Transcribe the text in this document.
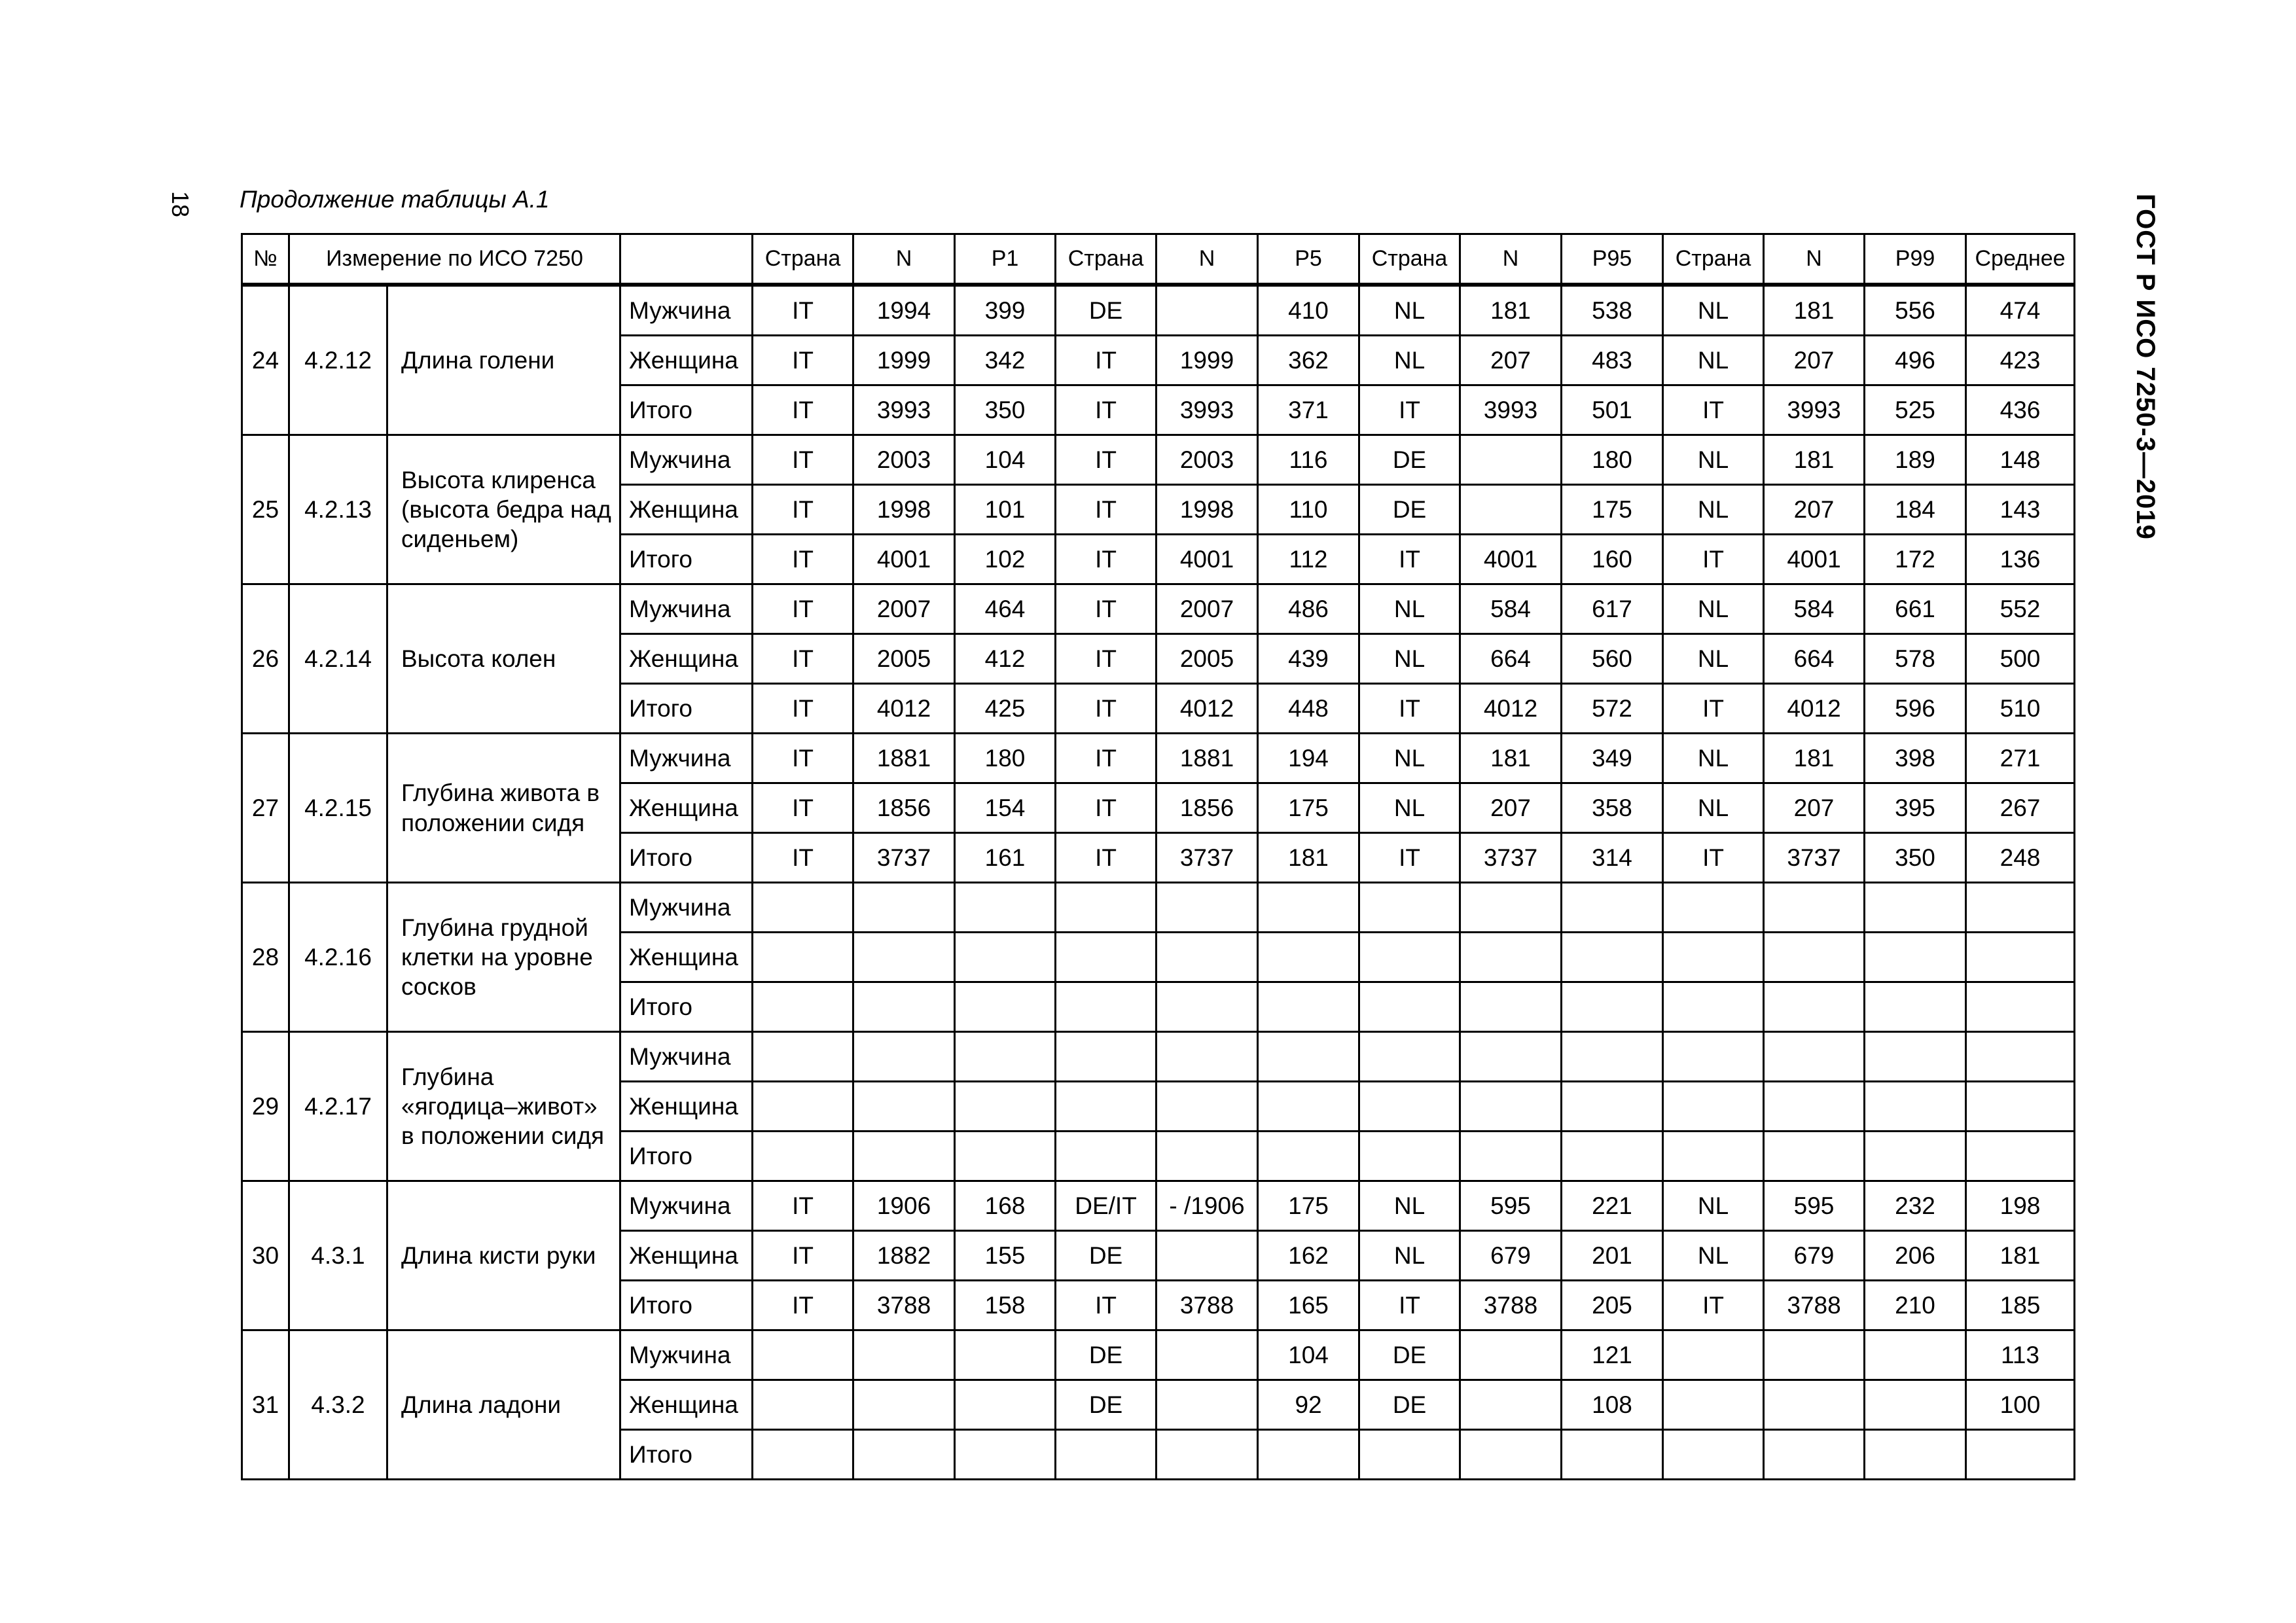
18 Продолжение таблицы А.1	ГОСТ Р ИСО 7250-3—2019
№	Измерение по ИСО 7250			Страна	N	P1	Страна	N	P5	Страна	N	P95	Страна	N	P99	Среднее
24	4.2.12	Длина голени	Мужчина	IT	1994	399	DE		410	NL	181	538	NL	181	556	474
			Женщина	IT	1999	342	IT	1999	362	NL	207	483	NL	207	496	423
			Итого	IT	3993	350	IT	3993	371	IT	3993	501	IT	3993	525	436
25	4.2.13	Высота клиренса (высота бедра над сиденьем)	Мужчина	IT	2003	104	IT	2003	116	DE		180	NL	181	189	148
			Женщина	IT	1998	101	IT	1998	110	DE		175	NL	207	184	143
			Итого	IT	4001	102	IT	4001	112	IT	4001	160	IT	4001	172	136
26	4.2.14	Высота колен	Мужчина	IT	2007	464	IT	2007	486	NL	584	617	NL	584	661	552
			Женщина	IT	2005	412	IT	2005	439	NL	664	560	NL	664	578	500
			Итого	IT	4012	425	IT	4012	448	IT	4012	572	IT	4012	596	510
27	4.2.15	Глубина живота в положении сидя	Мужчина	IT	1881	180	IT	1881	194	NL	181	349	NL	181	398	271
			Женщина	IT	1856	154	IT	1856	175	NL	207	358	NL	207	395	267
			Итого	IT	3737	161	IT	3737	181	IT	3737	314	IT	3737	350	248
28	4.2.16	Глубина грудной клетки на уровне сосков	Мужчина													
			Женщина													
			Итого													
29	4.2.17	Глубина «ягодица–живот» в положении сидя	Мужчина													
			Женщина													
			Итого													
30	4.3.1	Длина кисти руки	Мужчина	IT	1906	168	DE/IT	- /1906	175	NL	595	221	NL	595	232	198
			Женщина	IT	1882	155	DE		162	NL	679	201	NL	679	206	181
			Итого	IT	3788	158	IT	3788	165	IT	3788	205	IT	3788	210	185
31	4.3.2	Длина ладони	Мужчина				DE		104	DE		121				113
			Женщина				DE		92	DE		108				100
			Итого													
